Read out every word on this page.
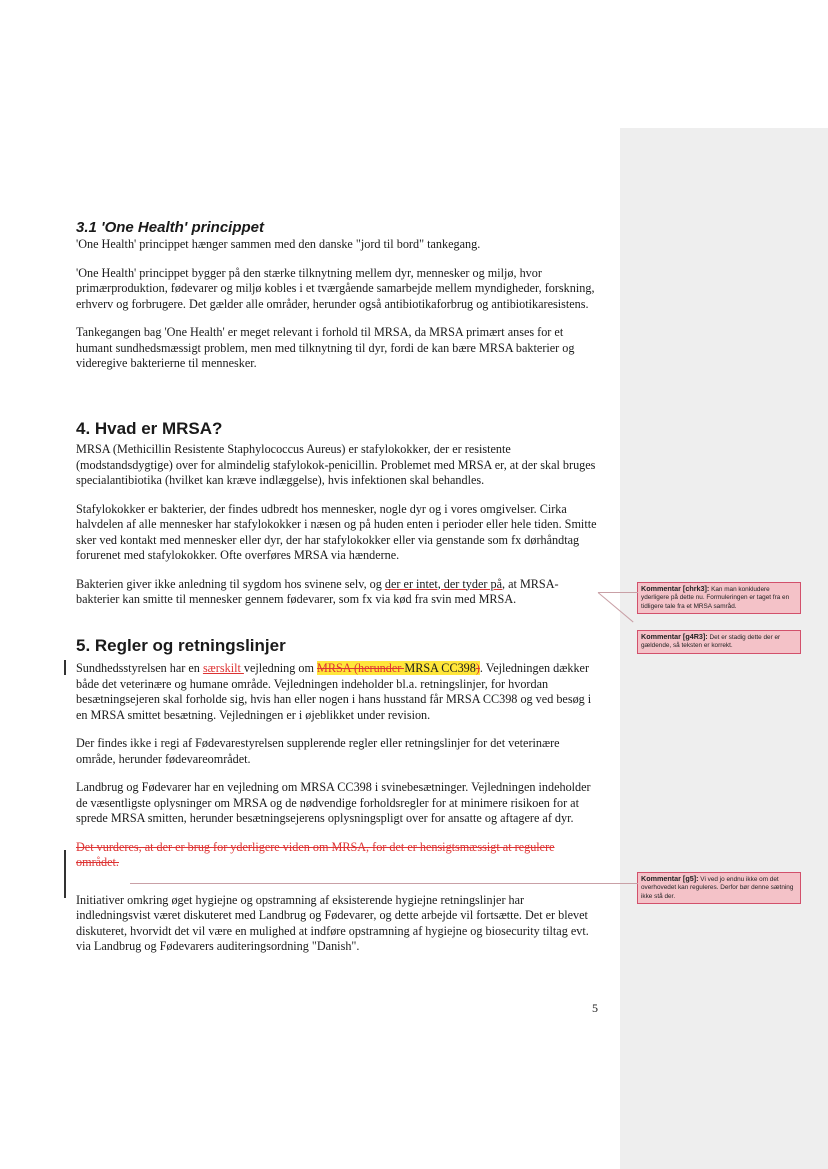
3.1 'One Health' princippet

'One Health' princippet hænger sammen med den danske "jord til bord" tankegang.

'One Health' princippet bygger på den stærke tilknytning mellem dyr, mennesker og miljø, hvor primærproduktion, fødevarer og miljø kobles i et tværgående samarbejde mellem myndigheder, forskning, erhverv og forbrugere. Det gælder alle områder, herunder også antibiotikaforbrug og antibiotikaresistens.

Tankegangen bag 'One Health' er meget relevant i forhold til MRSA, da MRSA primært anses for et humant sundhedsmæssigt problem, men med tilknytning til dyr, fordi de kan bære MRSA bakterier og videregive bakterierne til mennesker.

4. Hvad er MRSA?

MRSA (Methicillin Resistente Staphylococcus Aureus) er stafylokokker, der er resistente (modstandsdygtige) over for almindelig stafylokok-penicillin. Problemet med MRSA er, at der skal bruges specialantibiotika (hvilket kan kræve indlæggelse), hvis infektionen skal behandles.

Stafylokokker er bakterier, der findes udbredt hos mennesker, nogle dyr og i vores omgivelser. Cirka halvdelen af alle mennesker har stafylokokker i næsen og på huden enten i perioder eller hele tiden. Smitte sker ved kontakt med mennesker eller dyr, der har stafylokokker eller via genstande som fx dørhåndtag forurenet med stafylokokker. Ofte overføres MRSA via hænderne.

Bakterien giver ikke anledning til sygdom hos svinene selv, og der er intet, der tyder på, at MRSA-bakterier kan smitte til mennesker gennem fødevarer, som fx via kød fra svin med MRSA.

5. Regler og retningslinjer

Sundhedsstyrelsen har en særskilt vejledning om MRSA (herunder MRSA CC398). Vejledningen dækker både det veterinære og humane område. Vejledningen indeholder bl.a. retningslinjer, for hvordan besætningsejeren skal forholde sig, hvis han eller nogen i hans husstand får MRSA CC398 og ved besøg i en MRSA smittet besætning. Vejledningen er i øjeblikket under revision.

Der findes ikke i regi af Fødevarestyrelsen supplerende regler eller retningslinjer for det veterinære område, herunder fødevareområdet.

Landbrug og Fødevarer har en vejledning om MRSA CC398 i svinebesætninger. Vejledningen indeholder de væsentligste oplysninger om MRSA og de nødvendige forholdsregler for at minimere risikoen for at sprede MRSA smitten, herunder besætningsejerens oplysningspligt over for ansatte og aftagere af dyr.

Det vurderes, at der er brug for yderligere viden om MRSA, for det er hensigtsmæssigt at regulere området.

Initiativer omkring øget hygiejne og opstramning af eksisterende hygiejne retningslinjer har indledningsvist været diskuteret med Landbrug og Fødevarer, og dette arbejde vil fortsætte. Det er blevet diskuteret, hvorvidt det vil være en mulighed at indføre opstramning af hygiejne og biosecurity tiltag evt. via Landbrug og Fødevarers auditeringsordning "Danish".

Kommentar [chrk3]: Kan man konkludere yderligere på dette nu. Formuleringen er taget fra en tidligere tale fra et MRSA samråd.
Kommentar [g4R3]: Det er stadig dette der er gældende, så teksten er korrekt.
Kommentar [g5]: Vi ved jo endnu ikke om det overhovedet kan reguleres. Derfor bør denne sætning ikke stå der.
5
